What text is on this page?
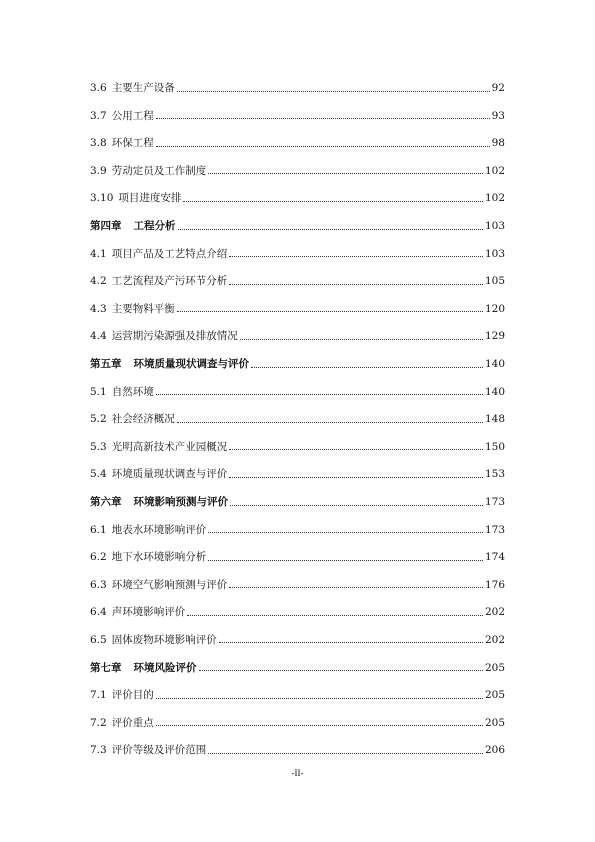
3.6 主要生产设备	92
3.7 公用工程	93
3.8 环保工程	98
3.9 劳动定员及工作制度	102
3.10 项目进度安排	102
第四章	工程分析	103
4.1 项目产品及工艺特点介绍	103
4.2 工艺流程及产污环节分析	105
4.3 主要物料平衡	120
4.4 运营期污染源强及排放情况	129
第五章	环境质量现状调查与评价	140
5.1 自然环境	140
5.2 社会经济概况	148
5.3 光明高新技术产业园概况	150
5.4 环境质量现状调查与评价	153
第六章	环境影响预测与评价	173
6.1 地表水环境影响评价	173
6.2 地下水环境影响分析	174
6.3 环境空气影响预测与评价	176
6.4 声环境影响评价	202
6.5 固体废物环境影响评价	202
第七章	环境风险评价	205
7.1 评价目的	205
7.2 评价重点	205
7.3 评价等级及评价范围	206
-II-
